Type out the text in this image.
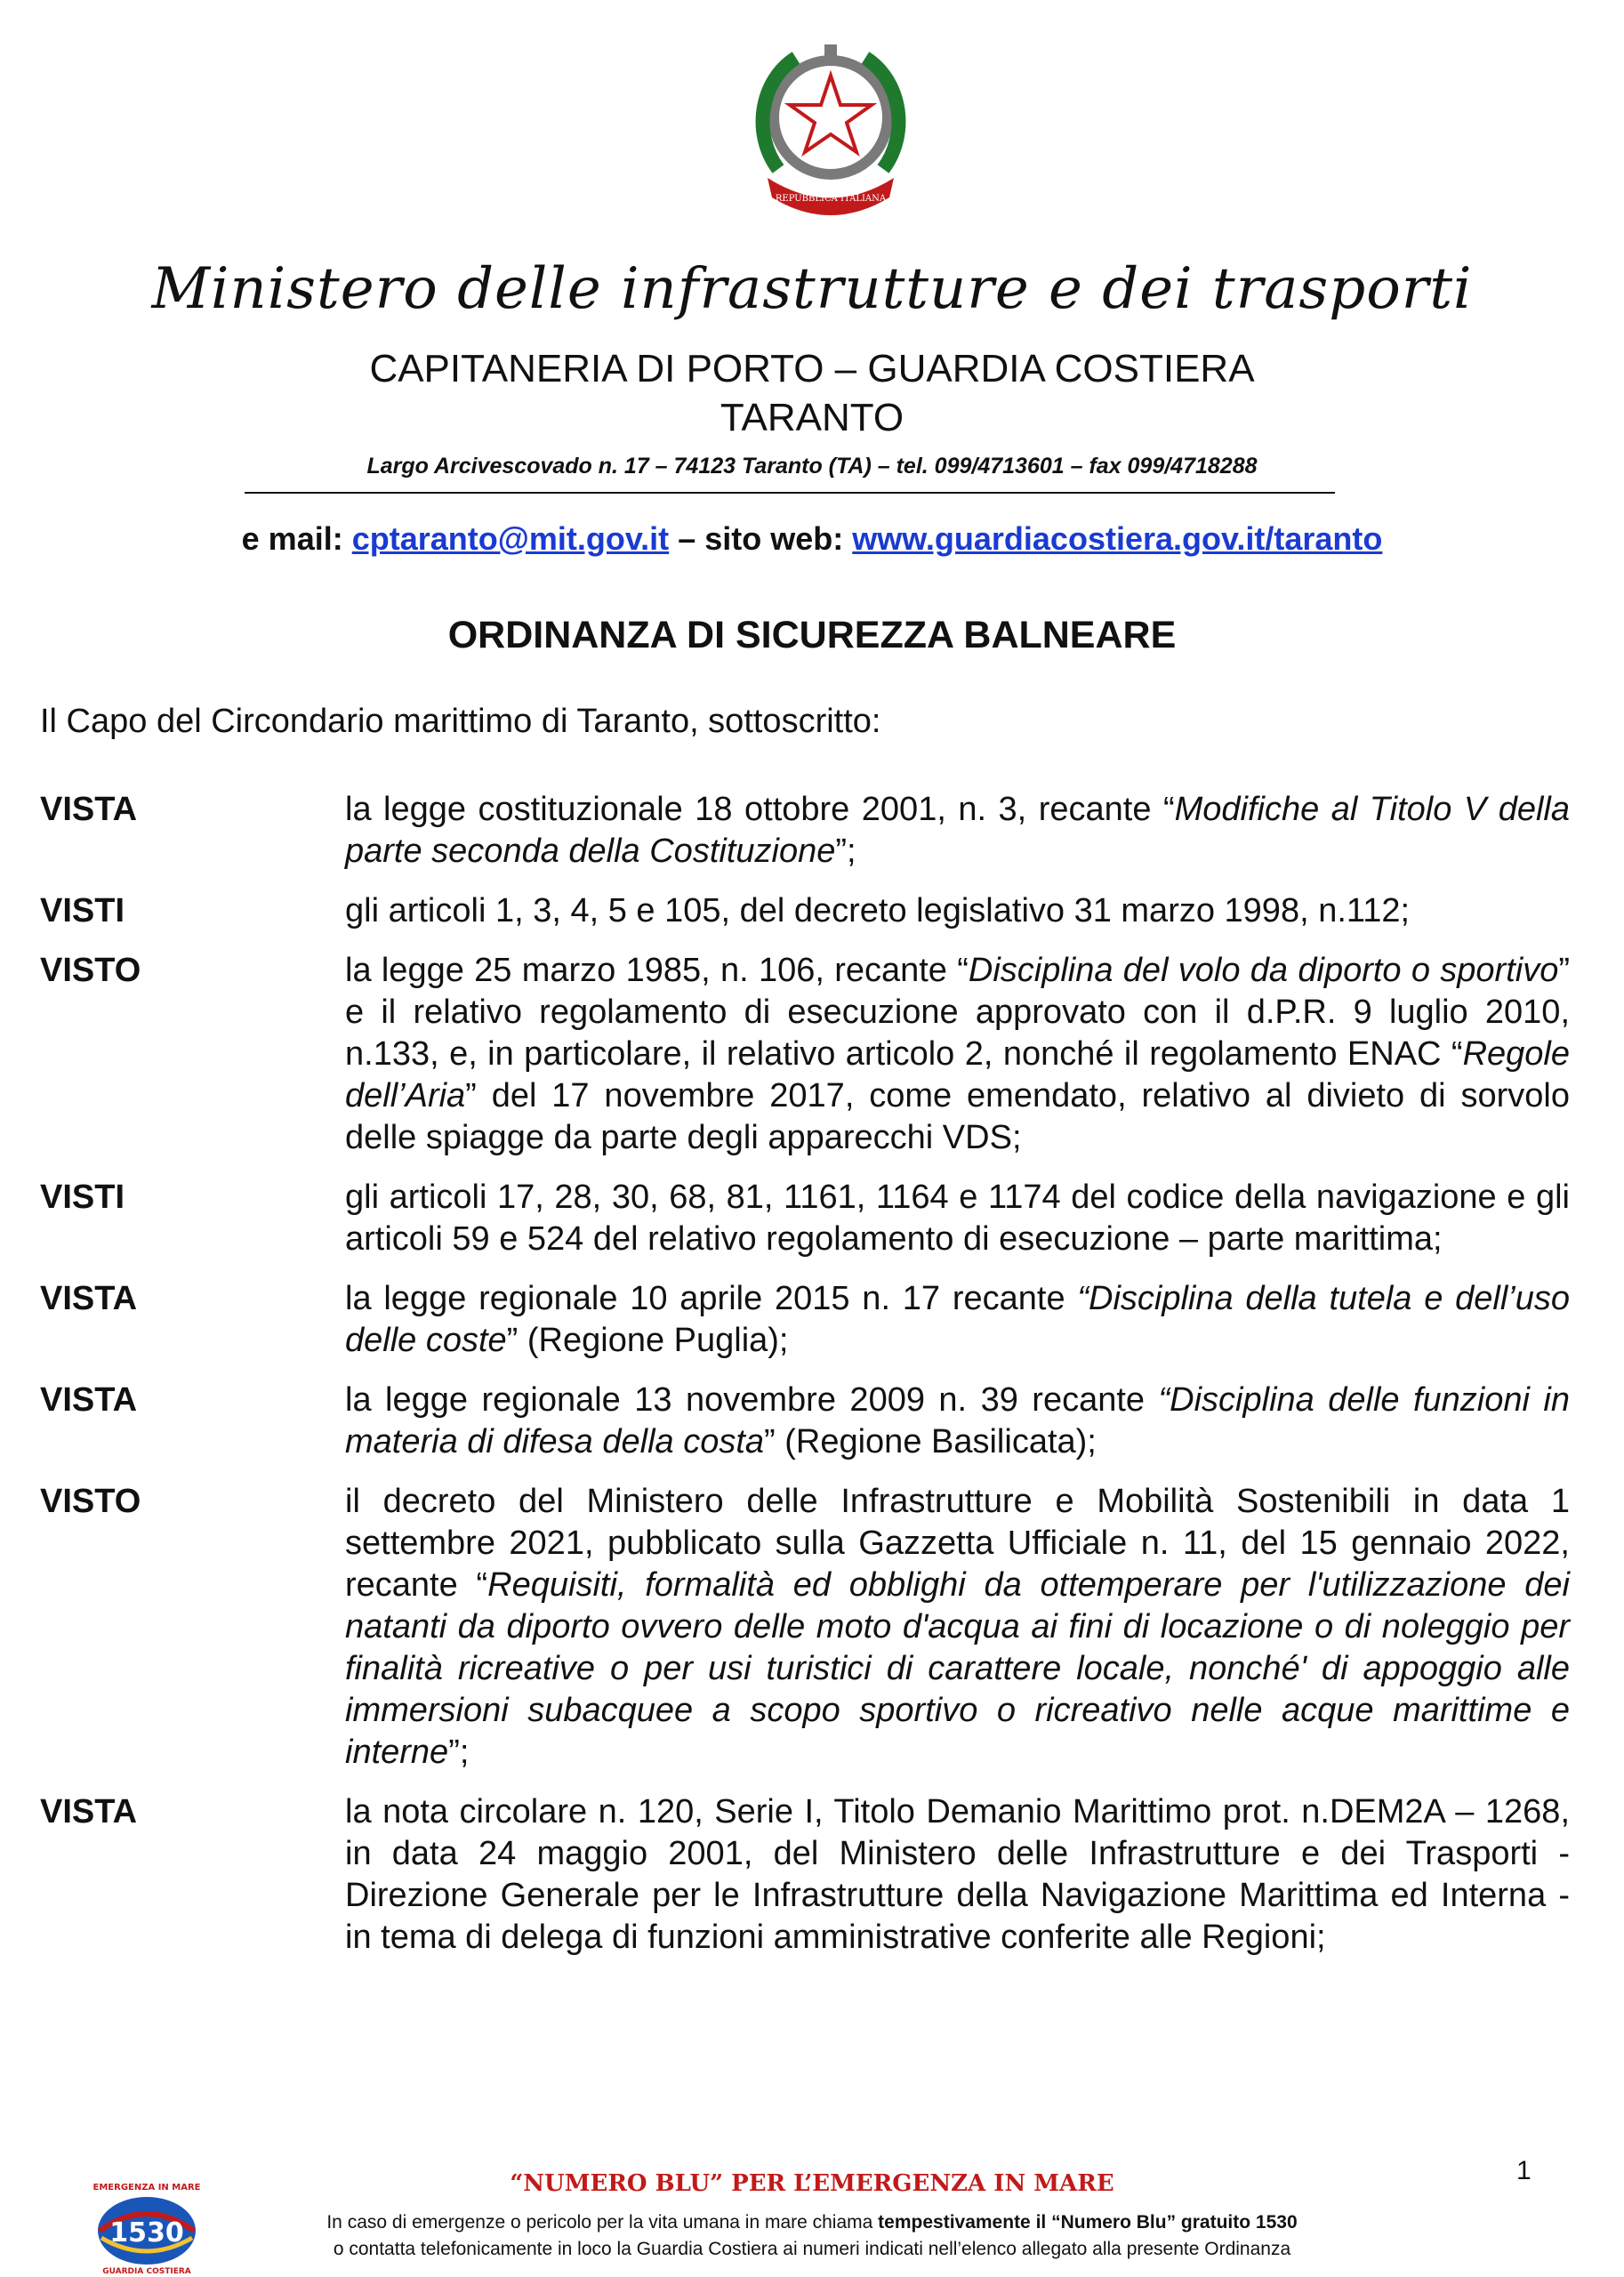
REPUBBLICA ITALIANA
Ministero delle infrastrutture e dei trasporti
CAPITANERIA DI PORTO – GUARDIA COSTIERA
TARANTO
Largo Arcivescovado n. 17 – 74123 Taranto (TA) – tel. 099/4713601 – fax 099/4718288
e mail: cptaranto@mit.gov.it – sito web: www.guardiacostiera.gov.it/taranto
ORDINANZA DI SICUREZZA BALNEARE
Il Capo del Circondario marittimo di Taranto, sottoscritto:
VISTA	la legge costituzionale 18 ottobre 2001, n. 3, recante “Modifiche al Titolo V della parte seconda della Costituzione”;
VISTI	gli articoli 1, 3, 4, 5 e 105, del decreto legislativo 31 marzo 1998, n.112;
VISTO	la legge 25 marzo 1985, n. 106, recante “Disciplina del volo da diporto o sportivo” e il relativo regolamento di esecuzione approvato con il d.P.R. 9 luglio 2010, n.133, e, in particolare, il relativo articolo 2, nonché il regolamento ENAC “Regole dell’Aria” del 17 novembre 2017, come emendato, relativo al divieto di sorvolo delle spiagge da parte degli apparecchi VDS;
VISTI	gli articoli 17, 28, 30, 68, 81, 1161, 1164 e 1174 del codice della navigazione e gli articoli 59 e 524 del relativo regolamento di esecuzione – parte marittima;
VISTA	la legge regionale 10 aprile 2015 n. 17 recante “Disciplina della tutela e dell’uso delle coste” (Regione Puglia);
VISTA	la legge regionale 13 novembre 2009 n. 39 recante “Disciplina delle funzioni in materia di difesa della costa” (Regione Basilicata);
VISTO	il decreto del Ministero delle Infrastrutture e Mobilità Sostenibili in data 1 settembre 2021, pubblicato sulla Gazzetta Ufficiale n. 11, del 15 gennaio 2022, recante “Requisiti, formalità ed obblighi da ottemperare per l'utilizzazione dei natanti da diporto ovvero delle moto d'acqua ai fini di locazione o di noleggio per finalità ricreative o per usi turistici di carattere locale, nonché' di appoggio alle immersioni subacquee a scopo sportivo o ricreativo nelle acque marittime e interne”;
VISTA	la nota circolare n. 120, Serie I, Titolo Demanio Marittimo prot. n.DEM2A – 1268, in data 24 maggio 2001, del Ministero delle Infrastrutture e dei Trasporti - Direzione Generale per le Infrastrutture della Navigazione Marittima ed Interna - in tema di delega di funzioni amministrative conferite alle Regioni;
1
EMERGENZA IN MARE
1530
GUARDIA COSTIERA
“NUMERO BLU” PER L’EMERGENZA IN MARE
In caso di emergenze o pericolo per la vita umana in mare chiama tempestivamente il “Numero Blu” gratuito 1530
o contatta telefonicamente in loco la Guardia Costiera ai numeri indicati nell’elenco allegato alla presente Ordinanza
